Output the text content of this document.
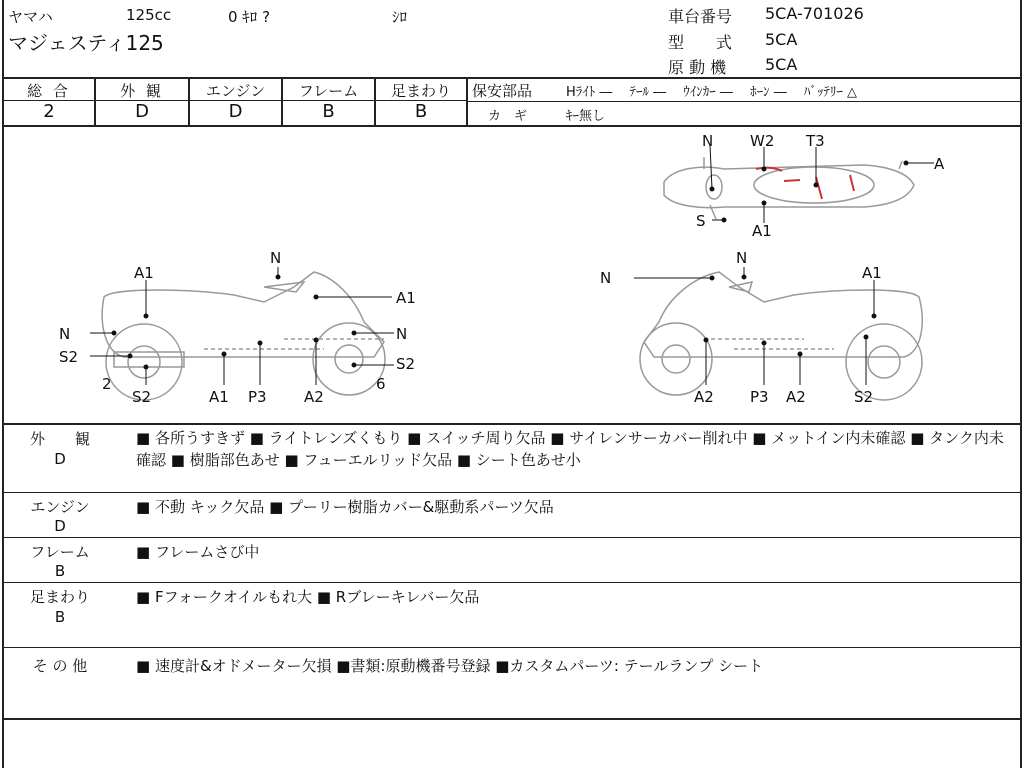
ヤマハ	125cc	0 ｷﾛ ?	ｼﾛ
マジェスティ125
車台番号 5CA-701026
型　　式 5CA
原 動 機 5CA
総 合	外 観	エンジン	フレーム	足まわり
2	D	D	B	B
保安部品	Hﾗｲﾄ ―　 ﾃｰﾙ ―　 ｳｲﾝｶｰ ―　 ﾎｰﾝ ―　 ﾊﾞｯﾃﾘｰ △
カ　ギ	ｷｰ無し
N W2 T3
A
S
A1
A1
N
N
A1
N
S2	S2
2
S2	A1 P3 A2
6
N
N
A1
A2 P3 A2	S2
外　　観
D
■ 各所うすきず ■ ライトレンズくもり ■ スイッチ周り欠品 ■ サイレンサーカバー削れ中 ■ メットイン内未確認 ■ タンク内未確認 ■ 樹脂部色あせ ■ フューエルリッド欠品 ■ シート色あせ小
エンジン
D
■ 不動 キック欠品 ■ プーリー樹脂カバー&駆動系パーツ欠品
フレーム
B
■ フレームさび中
足まわり
B
■ Fフォークオイルもれ大 ■ Rブレーキレバー欠品
そ の 他	■ 速度計&オドメーター欠損 ■書類:原動機番号登録 ■カスタムパーツ: テールランプ シート
